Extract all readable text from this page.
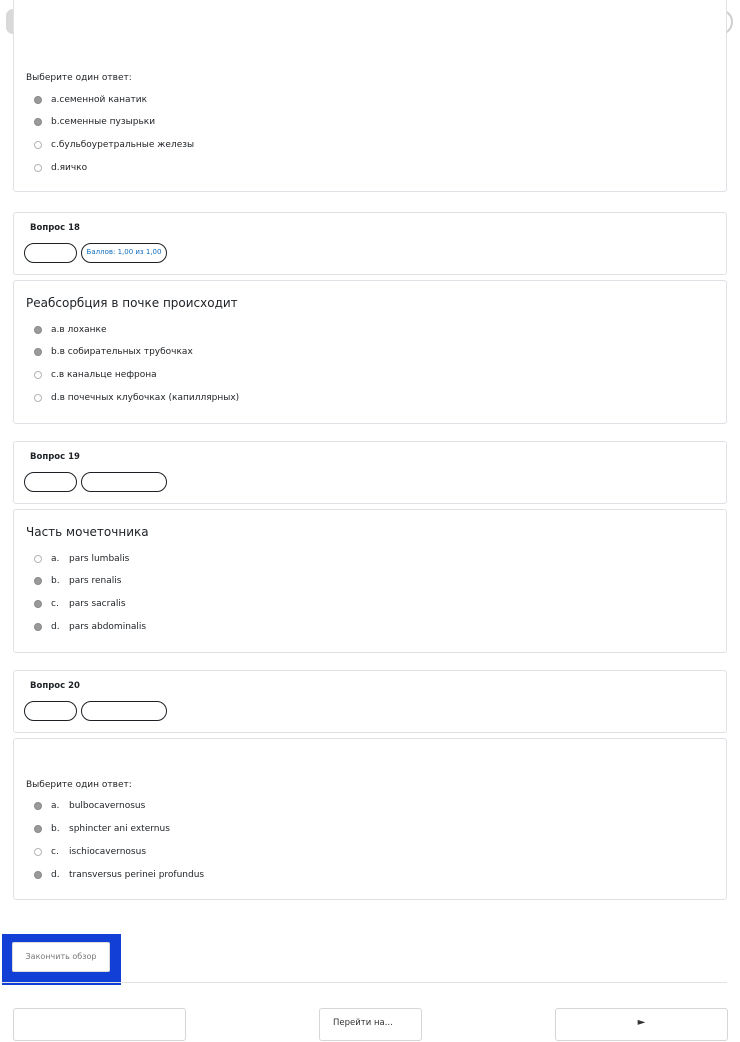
Выберите один ответ:
a. семенной канатик
b. семенные пузырьки
c. бульбоуретральные железы
d. яичко
Вопрос 18
Баллов: 1,00 из 1,00
Реабсорбция в почке происходит
a. в лоханке
b. в собирательных трубочках
c. в канальце нефрона
d. в почечных клубочках (капиллярных)
Вопрос 19
Часть мочеточника
a.	pars lumbalis
b.	pars renalis
c.	pars sacralis
d.	pars abdominalis
Вопрос 20
Выберите один ответ:
a.	bulbocavernosus
b.	sphincter ani externus
c.	ischiocavernosus
d.	transversus perinei profundus
Закончить обзор
Перейти на...	►
